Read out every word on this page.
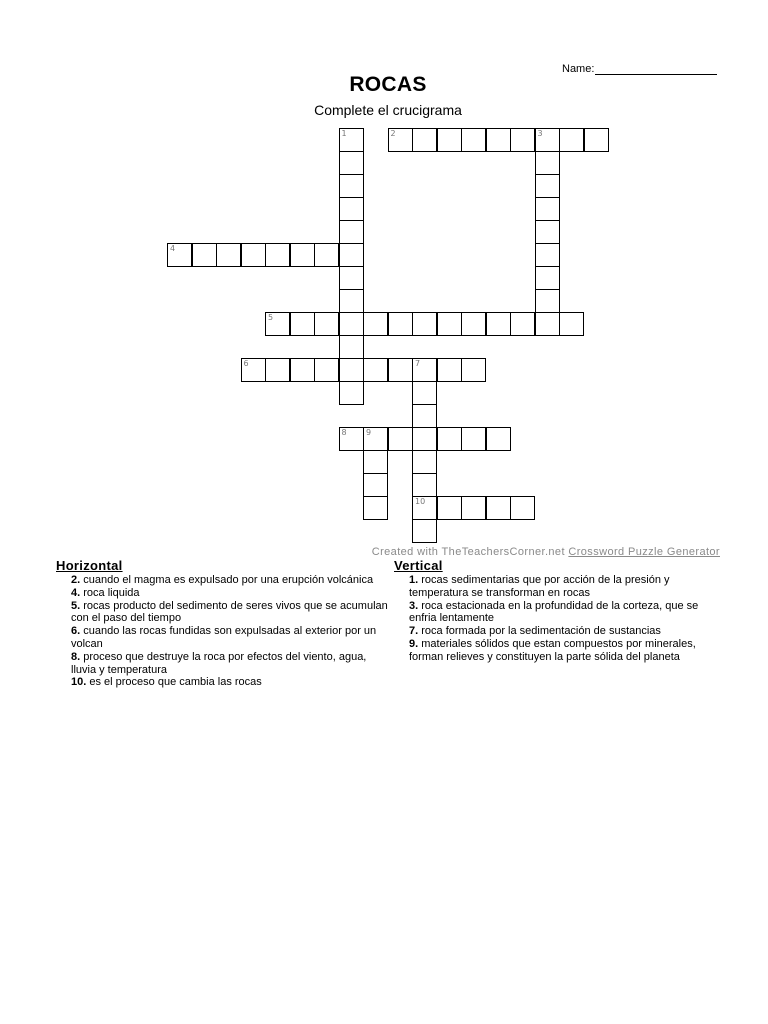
Name:
ROCAS
Complete el crucigrama
1	2	3
4
5
6	7
10
8 9
Created with TheTeachersCorner.net Crossword Puzzle Generator
Horizontal
2. cuando el magma es expulsado por una erupción volcánica
4. roca liquida
5. rocas producto del sedimento de seres vivos que se acumulan con el paso del tiempo
6. cuando las rocas fundidas son expulsadas al exterior por un volcan
8. proceso que destruye la roca por efectos del viento, agua, lluvia y temperatura
10. es el proceso que cambia las rocas
Vertical
1. rocas sedimentarias que por acción de la presión y temperatura se transforman en rocas
3. roca estacionada en la profundidad de la corteza, que se enfria lentamente
7. roca formada por la sedimentación de sustancias
9. materiales sólidos que estan compuestos por minerales, forman relieves y constituyen la parte sólida del planeta
